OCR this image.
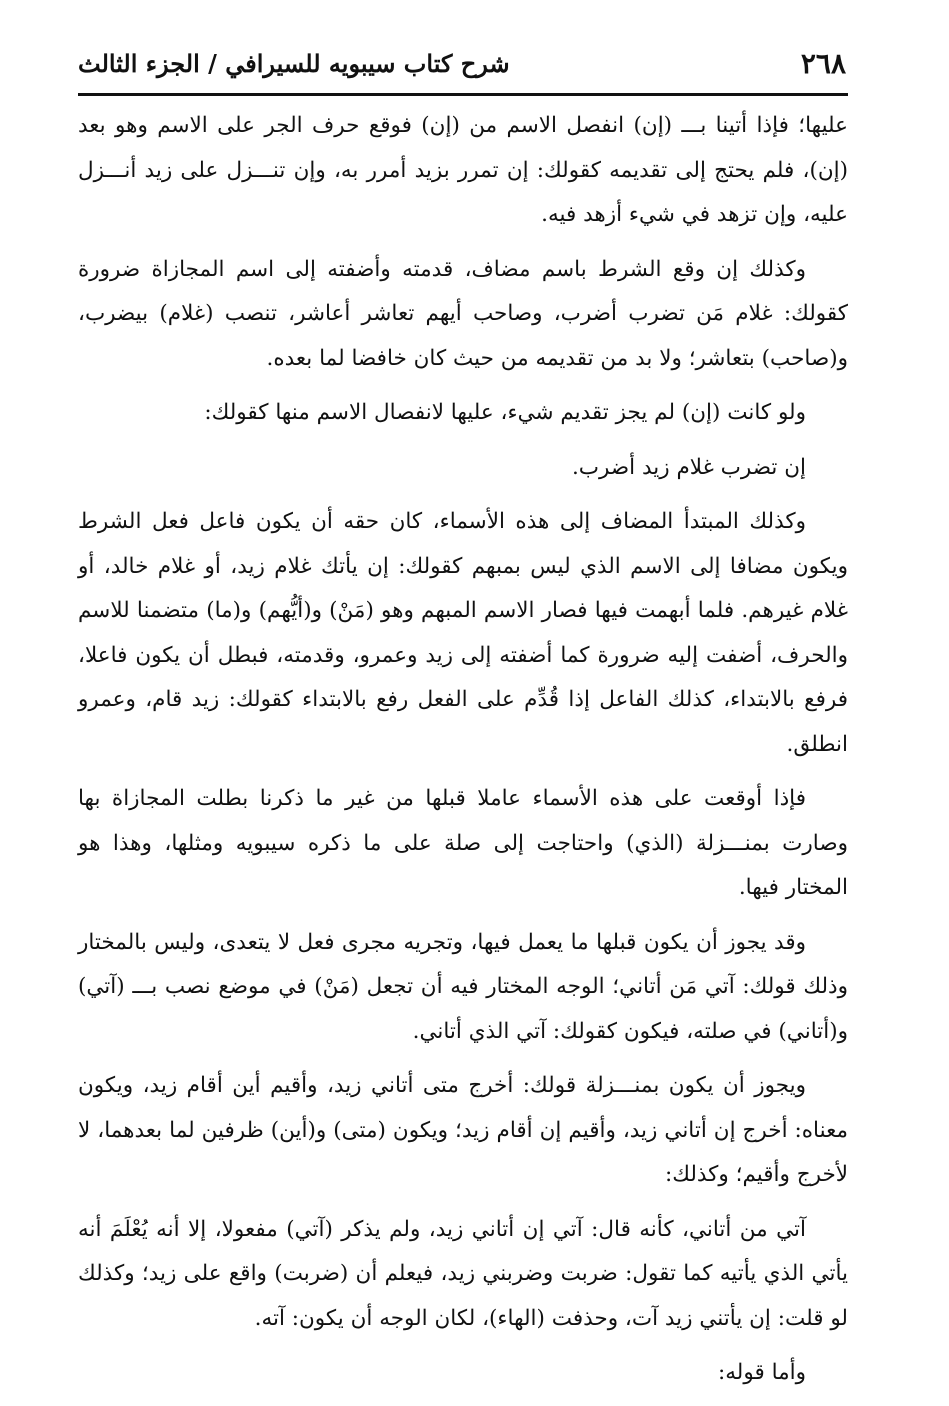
٢٦٨
شرح كتاب سيبويه للسيرافي / الجزء الثالث

عليها؛ فإذا أتينا بـــ (إن) انفصل الاسم من (إن) فوقع حرف الجر على الاسم وهو بعد (إن)، فلم يحتج إلى تقديمه كقولك: إن تمرر بزيد أمرر به، وإن تنـــزل على زيد أنـــزل عليه، وإن تزهد في شيء أزهد فيه.

وكذلك إن وقع الشرط باسم مضاف، قدمته وأضفته إلى اسم المجازاة ضرورة كقولك: غلام مَن تضرب أضرب، وصاحب أيهم تعاشر أعاشر، تنصب (غلام) بيضرب، و(صاحب) بتعاشر؛ ولا بد من تقديمه من حيث كان خافضا لما بعده.

ولو كانت (إن) لم يجز تقديم شيء، عليها لانفصال الاسم منها كقولك:

إن تضرب غلام زيد أضرب.

وكذلك المبتدأ المضاف إلى هذه الأسماء، كان حقه أن يكون فاعل فعل الشرط ويكون مضافا إلى الاسم الذي ليس بمبهم كقولك: إن يأتك غلام زيد، أو غلام خالد، أو غلام غيرهم. فلما أبهمت فيها فصار الاسم المبهم وهو (مَنْ) و(أيُّهم) و(ما) متضمنا للاسم والحرف، أضفت إليه ضرورة كما أضفته إلى زيد وعمرو، وقدمته، فبطل أن يكون فاعلا، فرفع بالابتداء، كذلك الفاعل إذا قُدِّم على الفعل رفع بالابتداء كقولك: زيد قام، وعمرو انطلق.

فإذا أوقعت على هذه الأسماء عاملا قبلها من غير ما ذكرنا بطلت المجازاة بها وصارت بمنـــزلة (الذي) واحتاجت إلى صلة على ما ذكره سيبويه ومثلها، وهذا هو المختار فيها.

وقد يجوز أن يكون قبلها ما يعمل فيها، وتجريه مجرى فعل لا يتعدى، وليس بالمختار وذلك قولك: آتي مَن أتاني؛ الوجه المختار فيه أن تجعل (مَنْ) في موضع نصب بـــ (آتي) و(أتاني) في صلته، فيكون كقولك: آتي الذي أتاني.

ويجوز أن يكون بمنـــزلة قولك: أخرج متى أتاني زيد، وأقيم أين أقام زيد، ويكون معناه: أخرج إن أتاني زيد، وأقيم إن أقام زيد؛ ويكون (متى) و(أين) ظرفين لما بعدهما، لا لأخرج وأقيم؛ وكذلك:

آتي من أتاني، كأنه قال: آتي إن أتاني زيد، ولم يذكر (آتي) مفعولا، إلا أنه يُعْلَمَ أنه يأتي الذي يأتيه كما تقول: ضربت وضربني زيد، فيعلم أن (ضربت) واقع على زيد؛ وكذلك لو قلت: إن يأتني زيد آت، وحذفت (الهاء)، لكان الوجه أن يكون: آته.

وأما قوله:
